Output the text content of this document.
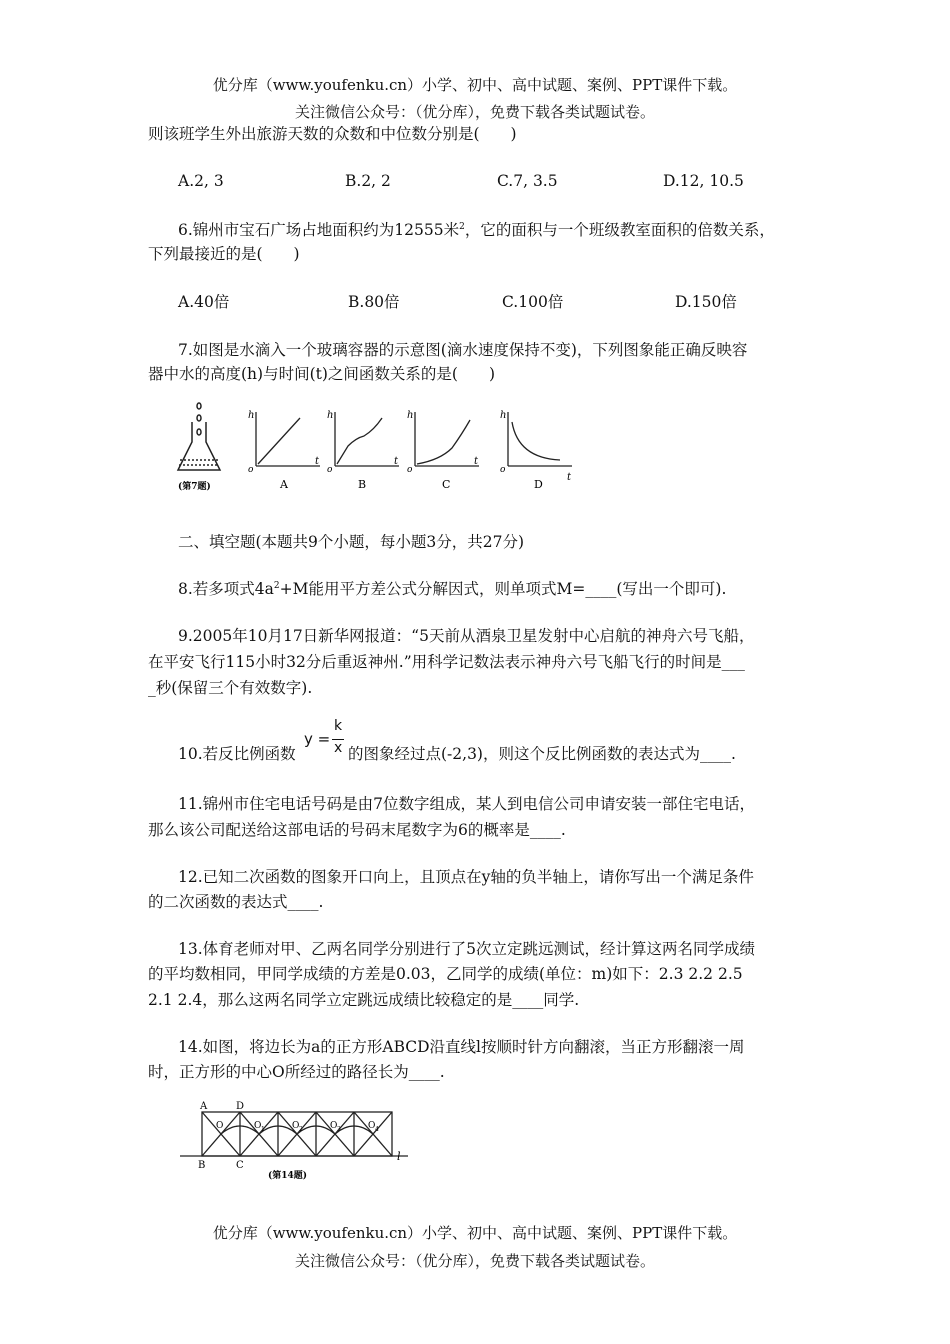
优分库（www.youfenku.cn）小学、初中、高中试题、案例、PPT课件下载。
关注微信公众号：（优分库），免费下载各类试题试卷。
则该班学生外出旅游天数的众数和中位数分别是(　　)
A.2, 3	B.2, 2	C.7, 3.5	D.12, 10.5
6.锦州市宝石广场占地面积约为12555米$^2$，它的面积与一个班级教室面积的倍数关系，
下列最接近的是(　　)
A.40倍	B.80倍	C.100倍	D.150倍
7.如图是水滴入一个玻璃容器的示意图(滴水速度保持不变)，下列图象能正确反映容
器中水的高度(h)与时间(t)之间函数关系的是(　　)
(第7题)
h
o
t
A
h
o
t
B
h
o
t
C
h
o
t
D
二、填空题(本题共9个小题，每小题3分，共27分)
8.若多项式$4a^2+M$能用平方差公式分解因式，则单项式M=____(写出一个即可).
9.2005年10月17日新华网报道：“5天前从酒泉卫星发射中心启航的神舟六号飞船，
在平安飞行115小时32分后重返神州.”用科学记数法表示神舟六号飞船飞行的时间是___
_秒(保留三个有效数字).
10.若反比例函数
y =
k
x 的图象经过点(-2,3)，则这个反比例函数的表达式为____.
11.锦州市住宅电话号码是由7位数字组成，某人到电信公司申请安装一部住宅电话，
那么该公司配送给这部电话的号码末尾数字为6的概率是____.
12.已知二次函数的图象开口向上，且顶点在y轴的负半轴上，请你写出一个满足条件
的二次函数的表达式____.
13.体育老师对甲、乙两名同学分别进行了5次立定跳远测试，经计算这两名同学成绩
的平均数相同，甲同学成绩的方差是0.03，乙同学的成绩(单位：m)如下：2.3 2.2 2.5
2.1 2.4，那么这两名同学立定跳远成绩比较稳定的是____同学.
14.如图，将边长为a的正方形ABCD沿直线l按顺时针方向翻滚，当正方形翻滚一周
时，正方形的中心O所经过的路径长为____.
A	D
B	C
l
O	O 1	O 2	O 3	O 4
(第14题)
优分库（www.youfenku.cn）小学、初中、高中试题、案例、PPT课件下载。
关注微信公众号：（优分库），免费下载各类试题试卷。
